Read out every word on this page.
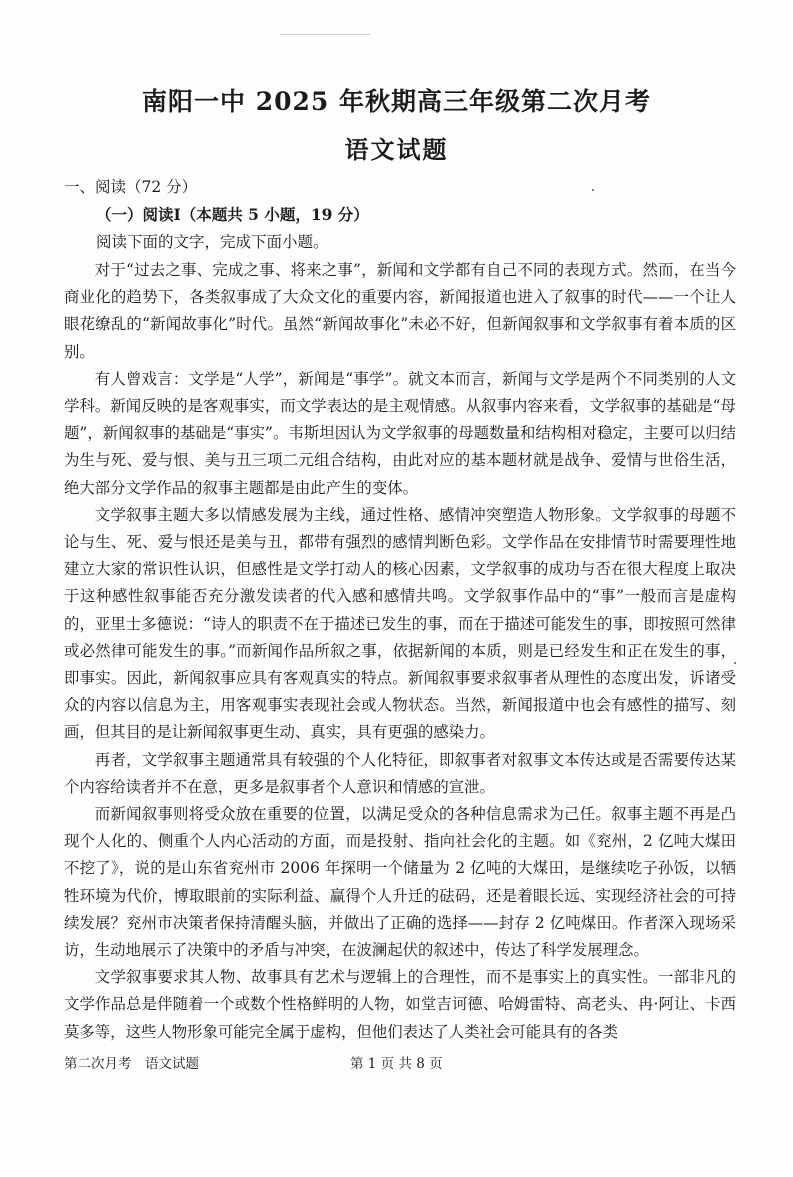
南阳一中 2025 年秋期高三年级第二次月考
语文试题
一、阅读（72 分）
（一）阅读Ⅰ（本题共 5 小题，19 分）
阅读下面的文字，完成下面小题。

对于“过去之事、完成之事、将来之事”，新闻和文学都有自己不同的表现方式。然而，在当今商业化的趋势下，各类叙事成了大众文化的重要内容，新闻报道也进入了叙事的时代——一个让人眼花缭乱的“新闻故事化”时代。虽然“新闻故事化”未必不好，但新闻叙事和文学叙事有着本质的区别。

有人曾戏言：文学是“人学”，新闻是“事学”。就文本而言，新闻与文学是两个不同类别的人文学科。新闻反映的是客观事实，而文学表达的是主观情感。从叙事内容来看，文学叙事的基础是“母题”，新闻叙事的基础是“事实”。韦斯坦因认为文学叙事的母题数量和结构相对稳定，主要可以归结为生与死、爱与恨、美与丑三项二元组合结构，由此对应的基本题材就是战争、爱情与世俗生活，绝大部分文学作品的叙事主题都是由此产生的变体。

文学叙事主题大多以情感发展为主线，通过性格、感情冲突塑造人物形象。文学叙事的母题不论与生、死、爱与恨还是美与丑，都带有强烈的感情判断色彩。文学作品在安排情节时需要理性地建立大家的常识性认识，但感性是文学打动人的核心因素，文学叙事的成功与否在很大程度上取决于这种感性叙事能否充分激发读者的代入感和感情共鸣。文学叙事作品中的“事”一般而言是虚构的，亚里士多德说：“诗人的职责不在于描述已发生的事，而在于描述可能发生的事，即按照可然律或必然律可能发生的事。”而新闻作品所叙之事，依据新闻的本质，则是已经发生和正在发生的事，即事实。因此，新闻叙事应具有客观真实的特点。新闻叙事要求叙事者从理性的态度出发，诉诸受众的内容以信息为主，用客观事实表现社会或人物状态。当然，新闻报道中也会有感性的描写、刻画，但其目的是让新闻叙事更生动、真实，具有更强的感染力。

再者，文学叙事主题通常具有较强的个人化特征，即叙事者对叙事文本传达或是否需要传达某个内容给读者并不在意，更多是叙事者个人意识和情感的宣泄。

而新闻叙事则将受众放在重要的位置，以满足受众的各种信息需求为己任。叙事主题不再是凸现个人化的、侧重个人内心活动的方面，而是投射、指向社会化的主题。如《兖州，2 亿吨大煤田不挖了》，说的是山东省兖州市 2006 年探明一个储量为 2 亿吨的大煤田，是继续吃子孙饭，以牺牲环境为代价，博取眼前的实际利益、赢得个人升迁的砝码，还是着眼长远、实现经济社会的可持续发展？兖州市决策者保持清醒头脑，并做出了正确的选择——封存 2 亿吨煤田。作者深入现场采访，生动地展示了决策中的矛盾与冲突，在波澜起伏的叙述中，传达了科学发展理念。

文学叙事要求其人物、故事具有艺术与逻辑上的合理性，而不是事实上的真实性。一部非凡的文学作品总是伴随着一个或数个性格鲜明的人物，如堂吉诃德、哈姆雷特、高老头、冉·阿让、卡西莫多等，这些人物形象可能完全属于虚构，但他们表达了人类社会可能具有的各类

第二次月考　语文试题	第 1 页 共 8 页
